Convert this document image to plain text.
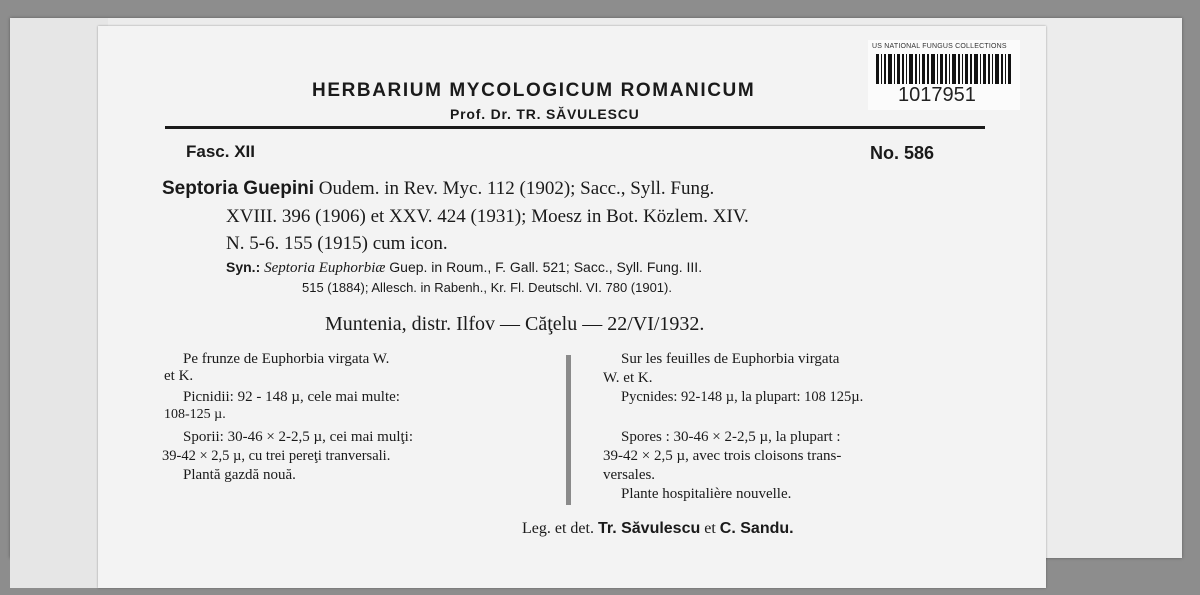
US NATIONAL FUNGUS COLLECTIONS
1017951
HERBARIUM MYCOLOGICUM ROMANICUM
Prof. Dr. TR. SĂVULESCU
Fasc. XII	No. 586
Septoria Guepini Oudem. in Rev. Myc. 112 (1902); Sacc., Syll. Fung.
XVIII. 396 (1906) et XXV. 424 (1931); Moesz in Bot. Közlem. XIV.
N. 5-6. 155 (1915) cum icon.
Syn.: Septoria Euphorbiæ Guep. in Roum., F. Gall. 521; Sacc., Syll. Fung. III.
515 (1884); Allesch. in Rabenh., Kr. Fl. Deutschl. VI. 780 (1901).
Muntenia, distr. Ilfov — Căţelu — 22/VI/1932.
Pe frunze de Euphorbia virgata W.
et K.
Picnidii: 92 - 148 µ, cele mai multe:
108-125 µ.
Sporii: 30-46 × 2-2,5 µ, cei mai mulţi:
39-42 × 2,5 µ, cu trei pereţi tranversali.
Plantă gazdă nouă.
Sur les feuilles de Euphorbia virgata
W. et K.
Pycnides: 92-148 µ, la plupart: 108 125µ.
Spores : 30-46 × 2-2,5 µ, la plupart :
39-42 × 2,5 µ, avec trois cloisons trans-
versales.
Plante hospitalière nouvelle.
Leg. et det. Tr. Săvulescu et C. Sandu.
